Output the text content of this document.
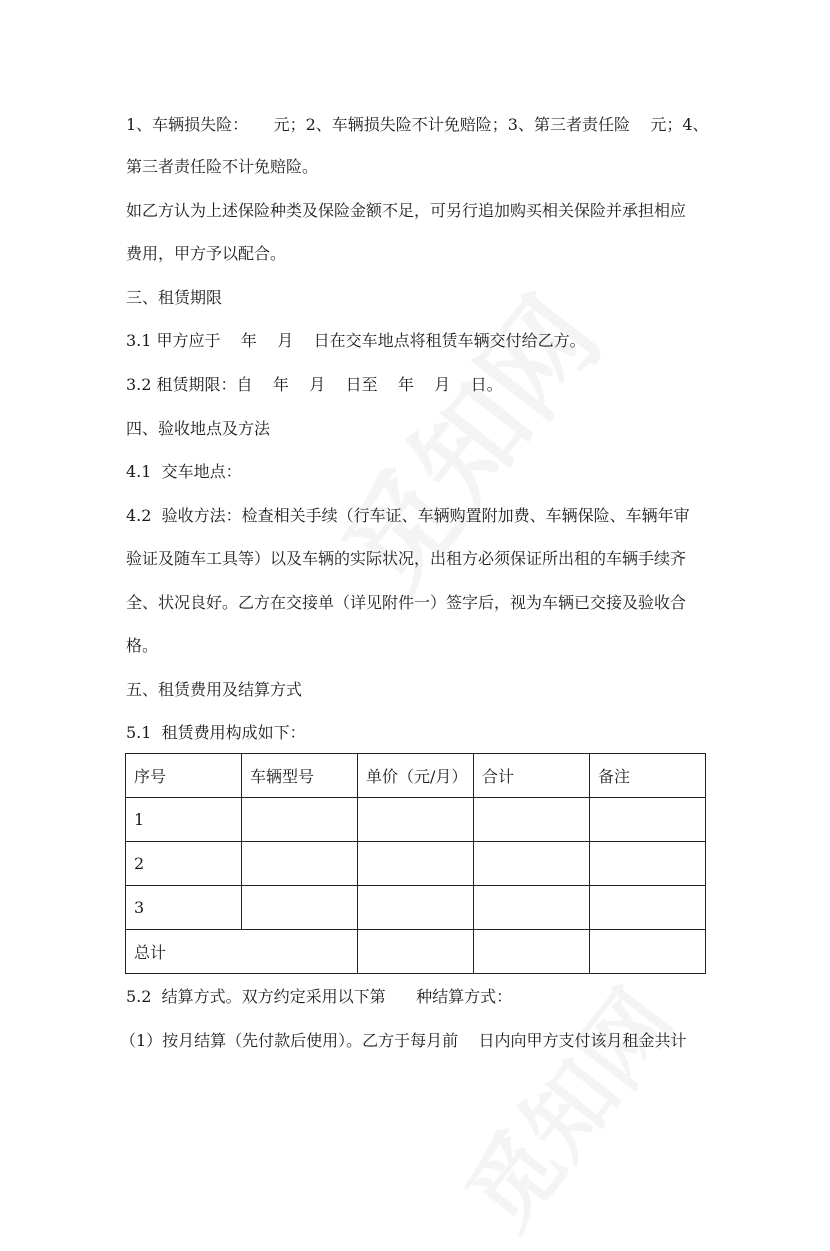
1、车辆损失险：     元；2、车辆损失险不计免赔险；3、第三者责任险    元；4、

第三者责任险不计免赔险。

如乙方认为上述保险种类及保险金额不足，可另行追加购买相关保险并承担相应

费用，甲方予以配合。

三、租赁期限

3.1 甲方应于    年    月    日在交车地点将租赁车辆交付给乙方。

3.2 租赁期限：自    年    月    日至    年    月    日。

四、验收地点及方法

4.1  交车地点：

4.2  验收方法：检查相关手续（行车证、车辆购置附加费、车辆保险、车辆年审

验证及随车工具等）以及车辆的实际状况，出租方必须保证所出租的车辆手续齐

全、状况良好。乙方在交接单（详见附件一）签字后，视为车辆已交接及验收合

格。

五、租赁费用及结算方式

5.1  租赁费用构成如下：

序号	车辆型号	单价（元/月）	合计	备注
1				
2				
3				
总计				

5.2  结算方式。双方约定采用以下第      种结算方式：

（1）按月结算（先付款后使用）。乙方于每月前    日内向甲方支付该月租金共计
